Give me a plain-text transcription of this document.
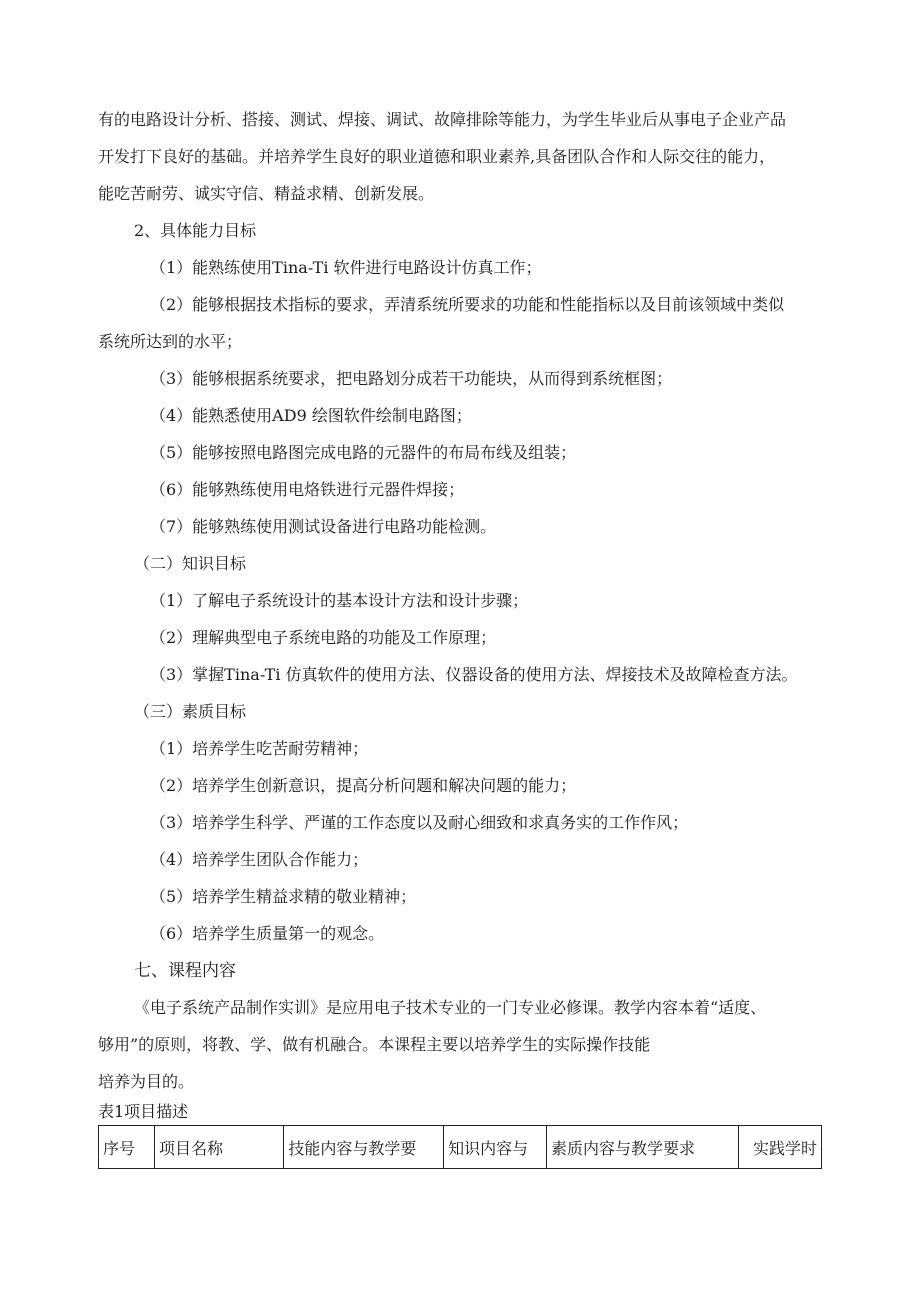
有的电路设计分析、搭接、测试、焊接、调试、故障排除等能力，为学生毕业后从事电子企业产品
开发打下良好的基础。并培养学生良好的职业道德和职业素养,具备团队合作和人际交往的能力，
能吃苦耐劳、诚实守信、精益求精、创新发展。
2、具体能力目标
（1）能熟练使用Tina-Ti 软件进行电路设计仿真工作；
（2）能够根据技术指标的要求，弄清系统所要求的功能和性能指标以及目前该领域中类似
系统所达到的水平；
（3）能够根据系统要求，把电路划分成若干功能块，从而得到系统框图；
（4）能熟悉使用AD9 绘图软件绘制电路图；
（5）能够按照电路图完成电路的元器件的布局布线及组装；
（6）能够熟练使用电烙铁进行元器件焊接；
（7）能够熟练使用测试设备进行电路功能检测。
（二）知识目标
（1）了解电子系统设计的基本设计方法和设计步骤；
（2）理解典型电子系统电路的功能及工作原理；
（3）掌握Tina-Ti 仿真软件的使用方法、仪器设备的使用方法、焊接技术及故障检查方法。
（三）素质目标
（1）培养学生吃苦耐劳精神；
（2）培养学生创新意识，提高分析问题和解决问题的能力；
（3）培养学生科学、严谨的工作态度以及耐心细致和求真务实的工作作风；
（4）培养学生团队合作能力；
（5）培养学生精益求精的敬业精神；
（6）培养学生质量第一的观念。
七、课程内容
《电子系统产品制作实训》是应用电子技术专业的一门专业必修课。教学内容本着“适度、
够用”的原则，将教、学、做有机融合。本课程主要以培养学生的实际操作技能
培养为目的。
表1项目描述
序号	项目名称	技能内容与教学要	知识内容与	素质内容与教学要求	实践学时
